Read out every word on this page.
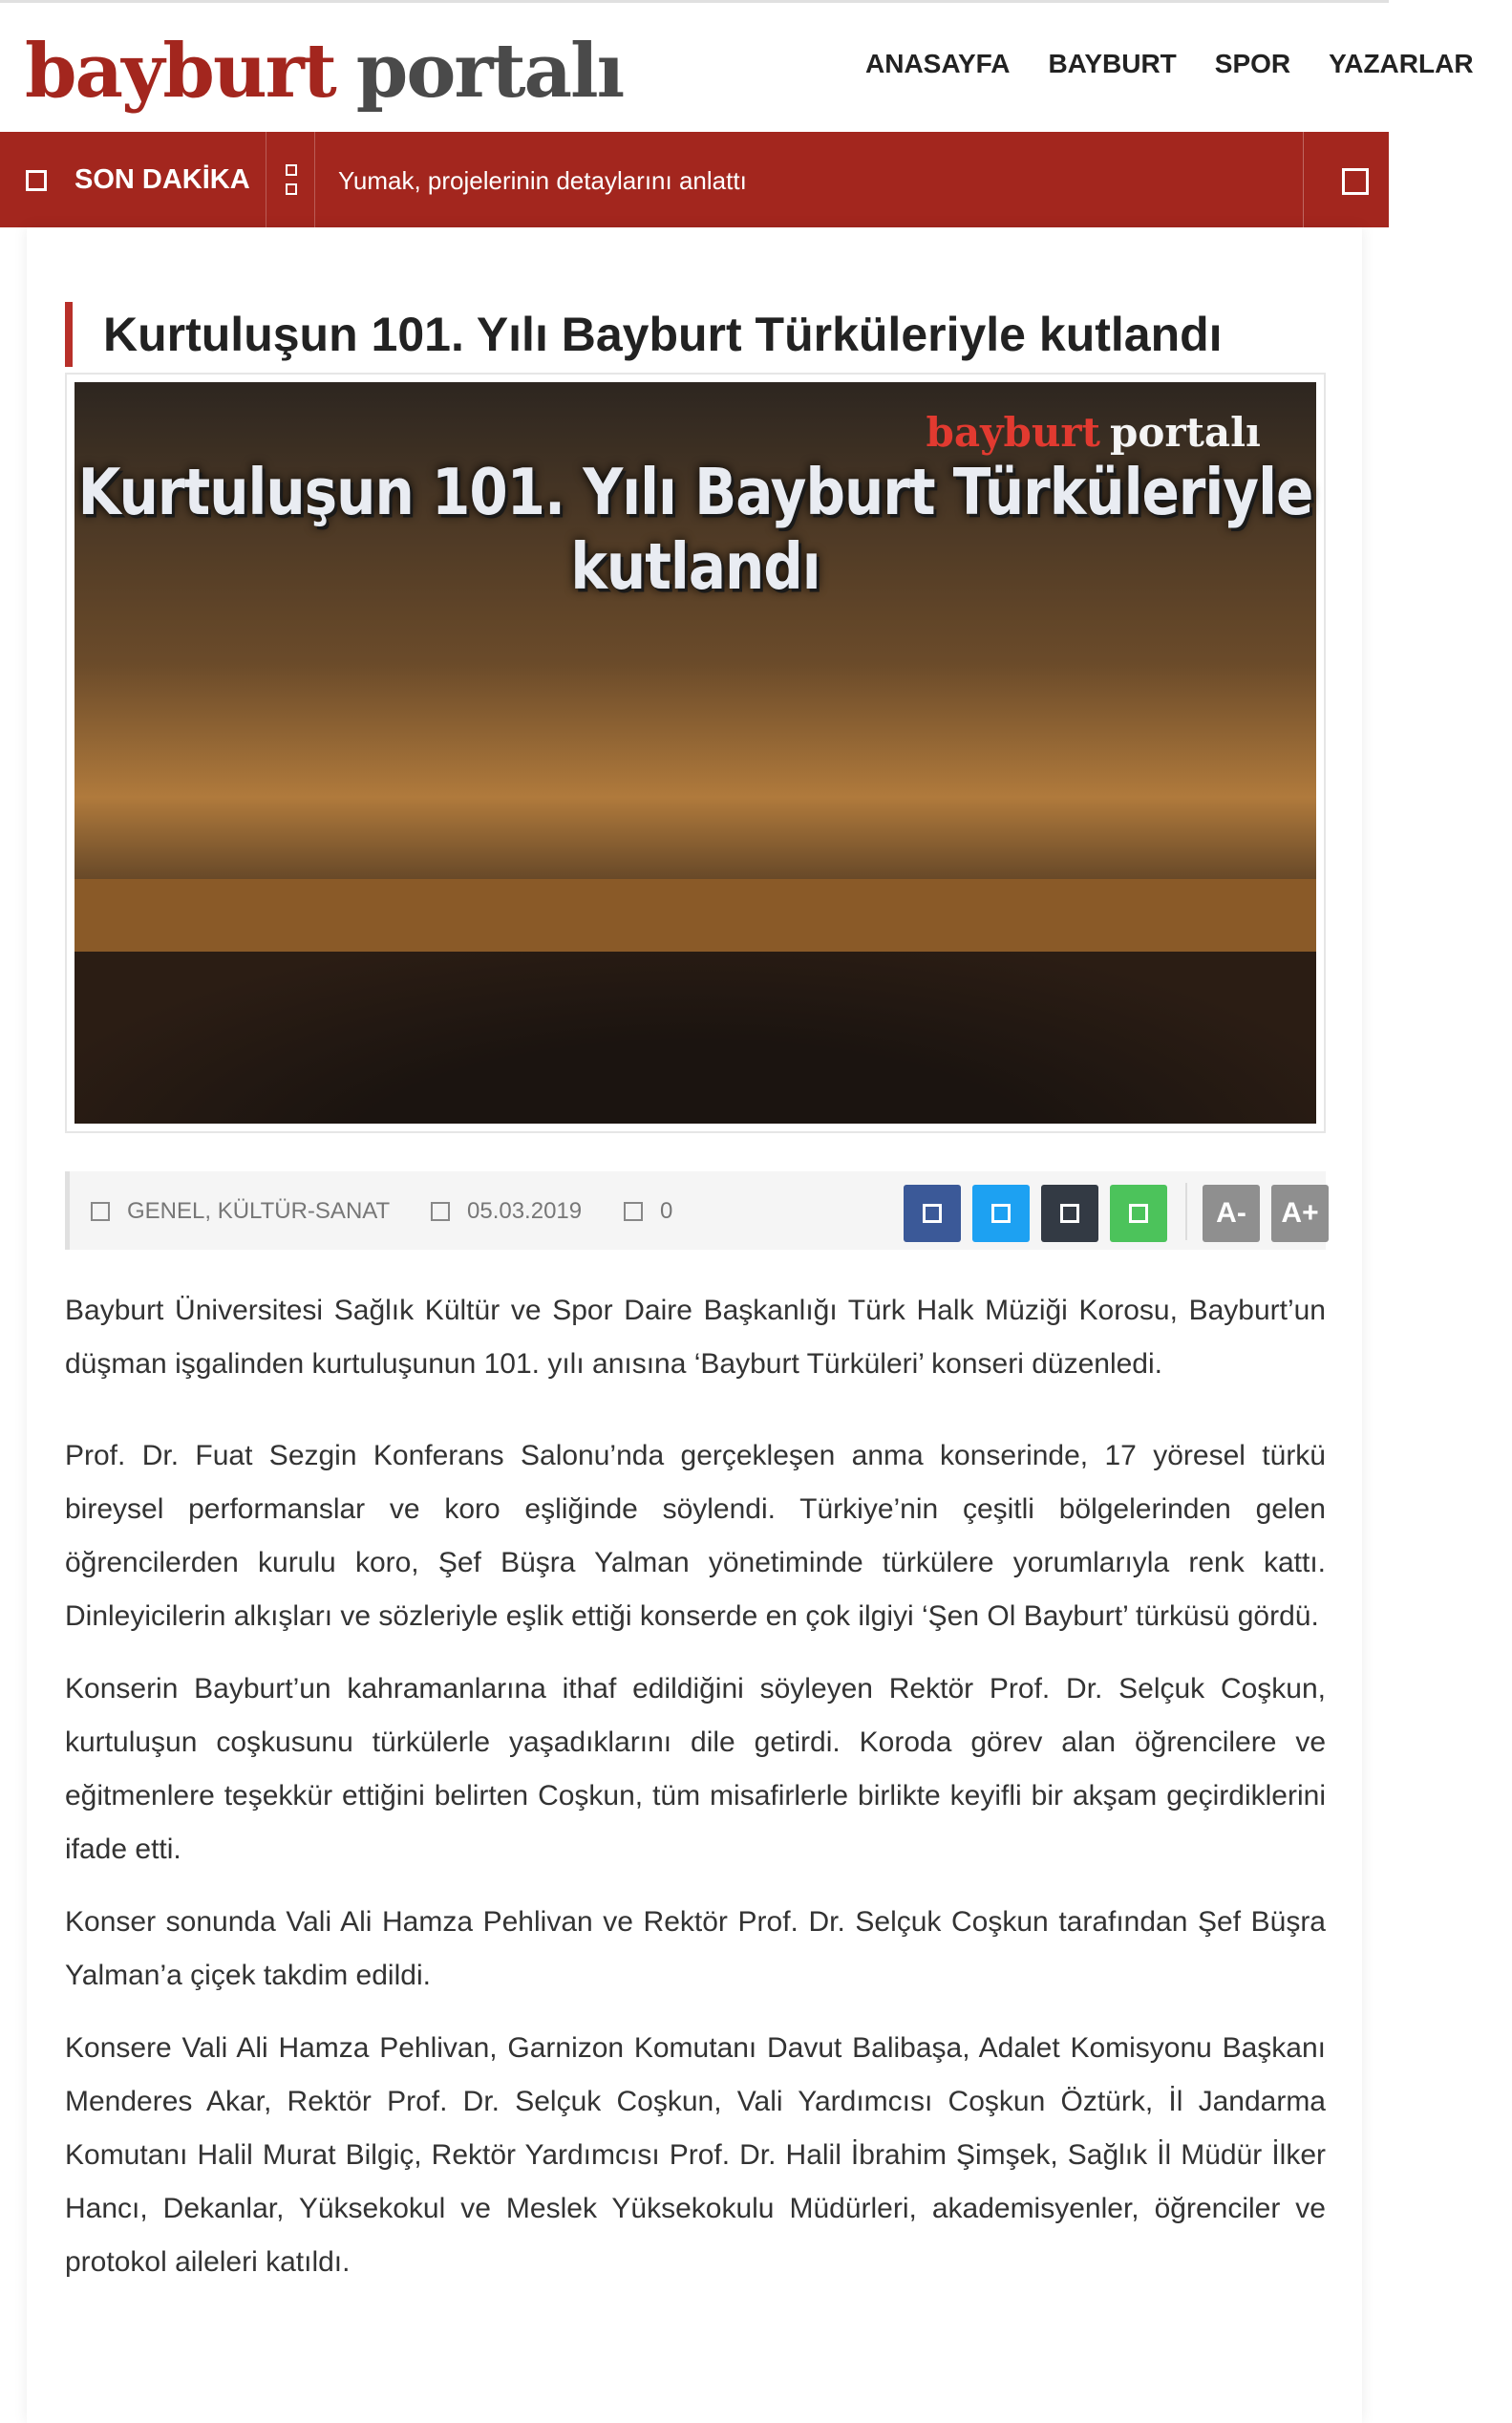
bayburt portalı	ANASAYFA BAYBURT SPOR YAZARLAR
SON DAKİKA	Yumak, projelerinin detaylarını anlattı
Kurtuluşun 101. Yılı Bayburt Türküleriyle kutlandı
bayburt portalı
Kurtuluşun 101. Yılı Bayburt Türküleriyle kutlandı
GENEL, KÜLTÜR-SANAT	05.03.2019	0	A-	A+

Bayburt Üniversitesi Sağlık Kültür ve Spor Daire Başkanlığı Türk Halk Müziği Korosu, Bayburt’un düşman işgalinden kurtuluşunun 101. yılı anısına ‘Bayburt Türküleri’ konseri düzenledi.

Prof. Dr. Fuat Sezgin Konferans Salonu’nda gerçekleşen anma konserinde, 17 yöresel türkü bireysel performanslar ve koro eşliğinde söylendi. Türkiye’nin çeşitli bölgelerinden gelen öğrencilerden kurulu koro, Şef Büşra Yalman yönetiminde türkülere yorumlarıyla renk kattı. Dinleyicilerin alkışları ve sözleriyle eşlik ettiği konserde en çok ilgiyi ‘Şen Ol Bayburt’ türküsü gördü.

Konserin Bayburt’un kahramanlarına ithaf edildiğini söyleyen Rektör Prof. Dr. Selçuk Coşkun, kurtuluşun coşkusunu türkülerle yaşadıklarını dile getirdi. Koroda görev alan öğrencilere ve eğitmenlere teşekkür ettiğini belirten Coşkun, tüm misafirlerle birlikte keyifli bir akşam geçirdiklerini ifade etti.

Konser sonunda Vali Ali Hamza Pehlivan ve Rektör Prof. Dr. Selçuk Coşkun tarafından Şef Büşra Yalman’a çiçek takdim edildi.

Konsere Vali Ali Hamza Pehlivan, Garnizon Komutanı Davut Balibaşa, Adalet Komisyonu Başkanı Menderes Akar, Rektör Prof. Dr. Selçuk Coşkun, Vali Yardımcısı Coşkun Öztürk, İl Jandarma Komutanı Halil Murat Bilgiç, Rektör Yardımcısı Prof. Dr. Halil İbrahim Şimşek, Sağlık İl Müdür İlker Hancı, Dekanlar, Yüksekokul ve Meslek Yüksekokulu Müdürleri, akademisyenler, öğrenciler ve protokol aileleri katıldı.
